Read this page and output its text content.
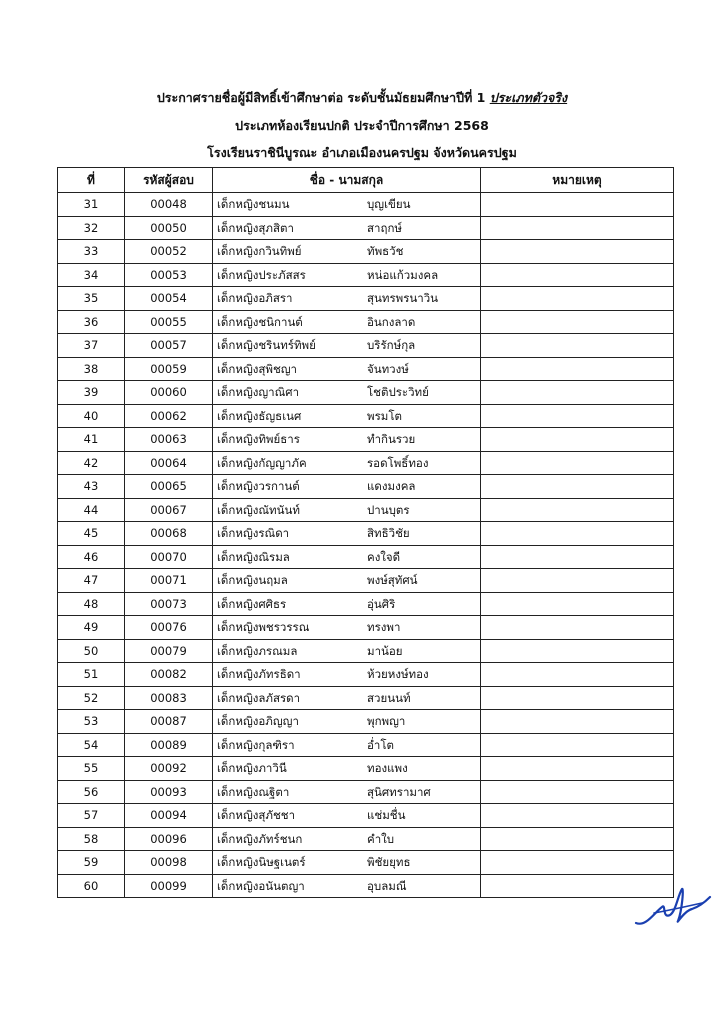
ประกาศรายชื่อผู้มีสิทธิ์เข้าศึกษาต่อ ระดับชั้นมัธยมศึกษาปีที่ 1 ประเภทตัวจริง
ประเภทห้องเรียนปกติ ประจำปีการศึกษา 2568
โรงเรียนราชินีบูรณะ อำเภอเมืองนครปฐม จังหวัดนครปฐม
ที่	รหัสผู้สอบ	ชื่อ - นามสกุล	หมายเหตุ
31	00048	เด็กหญิงชนมน บุญเขียน	
32	00050	เด็กหญิงสุภสิตา สาฤกษ์	
33	00052	เด็กหญิงกวินทิพย์ ทัพธวัช	
34	00053	เด็กหญิงประภัสสร หน่อแก้วมงคล	
35	00054	เด็กหญิงอภิสรา สุนทรพรนาวิน	
36	00055	เด็กหญิงชนิกานต์ อินกงลาด	
37	00057	เด็กหญิงชรินทร์ทิพย์ บริรักษ์กุล	
38	00059	เด็กหญิงสุพิชญา จันทวงษ์	
39	00060	เด็กหญิงญาณิศา โชติประวิทย์	
40	00062	เด็กหญิงธัญธเนศ พรมโต	
41	00063	เด็กหญิงทิพย์ธาร ทำกินรวย	
42	00064	เด็กหญิงกัญญาภัค รอดโพธิ์ทอง	
43	00065	เด็กหญิงวรกานต์ แดงมงคล	
44	00067	เด็กหญิงณัทนันท์ ปานบุตร	
45	00068	เด็กหญิงรณิดา สิทธิวิชัย	
46	00070	เด็กหญิงณิรมล คงใจดี	
47	00071	เด็กหญิงนฤมล พงษ์สุทัศน์	
48	00073	เด็กหญิงศศิธร อุ่นศิริ	
49	00076	เด็กหญิงพชรวรรณ ทรงพา	
50	00079	เด็กหญิงภรณมล มาน้อย	
51	00082	เด็กหญิงภัทรธิดา ห้วยหงษ์ทอง	
52	00083	เด็กหญิงลภัสรดา สวยนนท์	
53	00087	เด็กหญิงอภิญญา พุกพญา	
54	00089	เด็กหญิงกุลฑิรา อ่ำโต	
55	00092	เด็กหญิงภาวินี ทองแพง	
56	00093	เด็กหญิงณฐิตา สุนิศทรามาศ	
57	00094	เด็กหญิงสุภัชชา แช่มชื่น	
58	00096	เด็กหญิงภัทร์ชนก คำใบ	
59	00098	เด็กหญิงนิษฐเนตร์ พิชัยยุทธ	
60	00099	เด็กหญิงอนันตญา อุบลมณี	
